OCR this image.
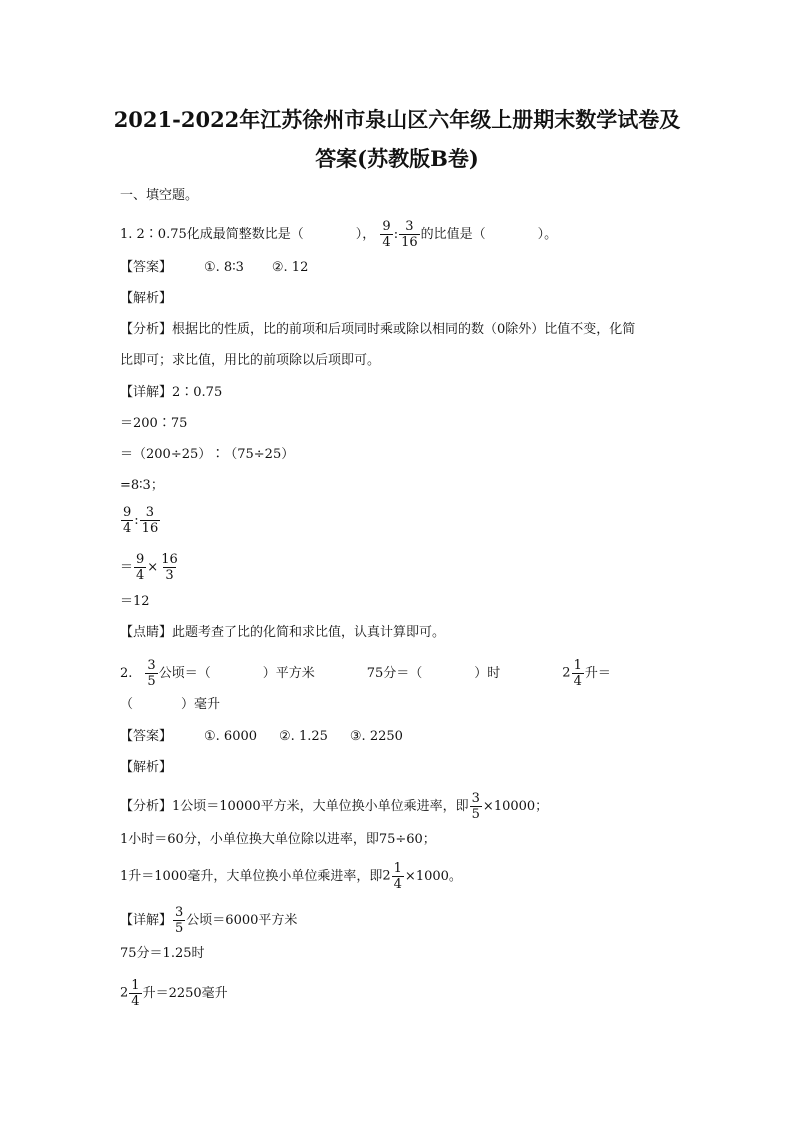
2021-2022年江苏徐州市泉山区六年级上册期末数学试卷及
答案(苏教版B卷)
一、填空题。
1. 2∶0.75化成最简整数比是（	）， $\frac{9}{4}$ : $\frac{3}{16}$ 的比值是（	）。
【答案】 ①. 8∶3 ②. 12
【解析】
【分析】根据比的性质，比的前项和后项同时乘或除以相同的数（0除外）比值不变，化简
比即可；求比值，用比的前项除以后项即可。
【详解】2∶0.75
＝200∶75
＝（200÷25）∶（75÷25）
=8∶3；
$\frac{9}{4}$ : $\frac{3}{16}$
＝ $\frac{9}{4} \times \frac{16}{3}$
＝12
【点睛】此题考查了比的化简和求比值，认真计算即可。
2. $\frac{3}{5}$ 公顷＝（	）平方米	75分＝（	）时	$2 \frac{1}{4}$ 升＝
（	）毫升
【答案】 ①. 6000 ②. 1.25 ③. 2250
【解析】
【分析】1公顷＝10000平方米，大单位换小单位乘进率，即 $\frac{3}{5} \times 10000$；
1小时＝60分，小单位换大单位除以进率，即75÷60；
1升＝1000毫升，大单位换小单位乘进率，即$2 \frac{1}{4} \times 1000$。
【详解】 $\frac{3}{5}$ 公顷＝6000平方米
75分＝1.25时
$2 \frac{1}{4}$ 升＝2250毫升
